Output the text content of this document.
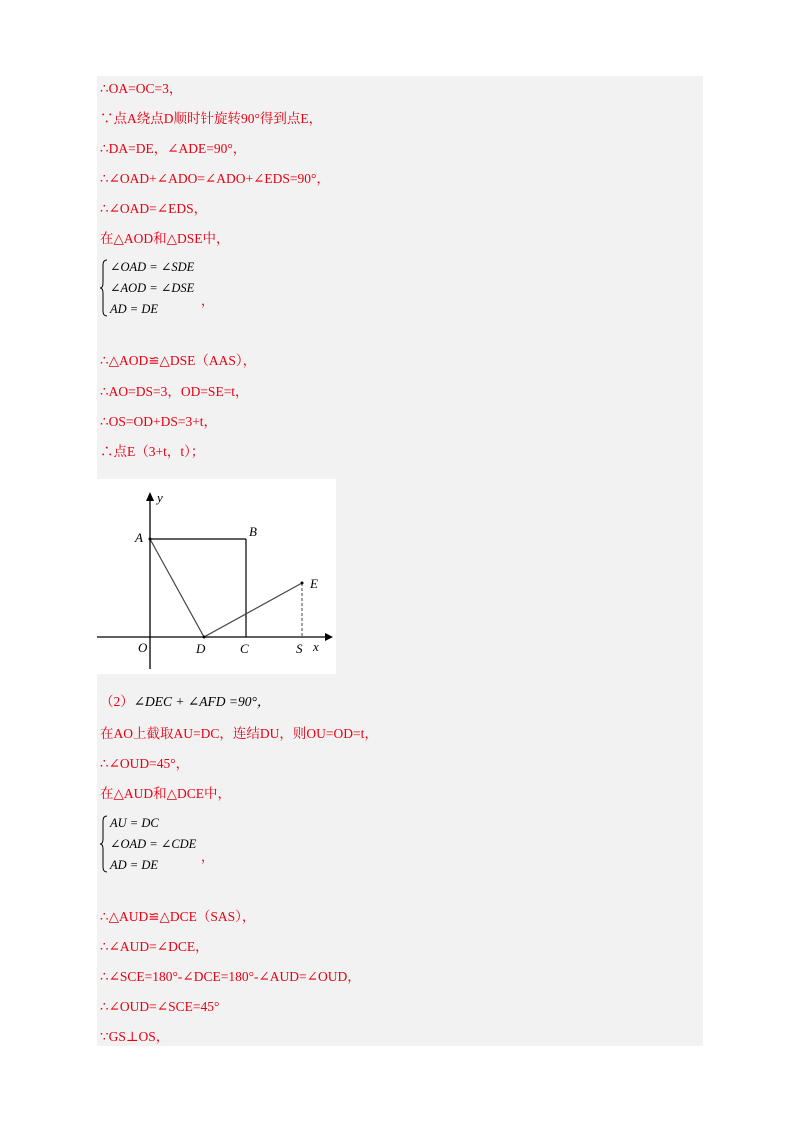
∴OA=OC=3，
∵点A绕点D顺时针旋转90°得到点E，
∴DA=DE，∠ADE=90°，
∴∠OAD+∠ADO=∠ADO+∠EDS=90°，
∴∠OAD=∠EDS，
在△AOD和△DSE中，
∠OAD = ∠SDE
∠AOD = ∠DSE
AD = DE
，
∴△AOD≌△DSE（AAS），
∴AO=DS=3，OD=SE=t，
∴OS=OD+DS=3+t，
∴点E（3+t，t）；
y
x
A	B
E
O	D	C	S
（2）∠DEC + ∠AFD =90°，
在AO上截取AU=DC，连结DU，则OU=OD=t，
∴∠OUD=45°，
在△AUD和△DCE中，
AU = DC
∠OAD = ∠CDE
AD = DE
，
∴△AUD≌△DCE（SAS），
∴∠AUD=∠DCE，
∴∠SCE=180°-∠DCE=180°-∠AUD=∠OUD，
∴∠OUD=∠SCE=45°
∵GS⊥OS，
